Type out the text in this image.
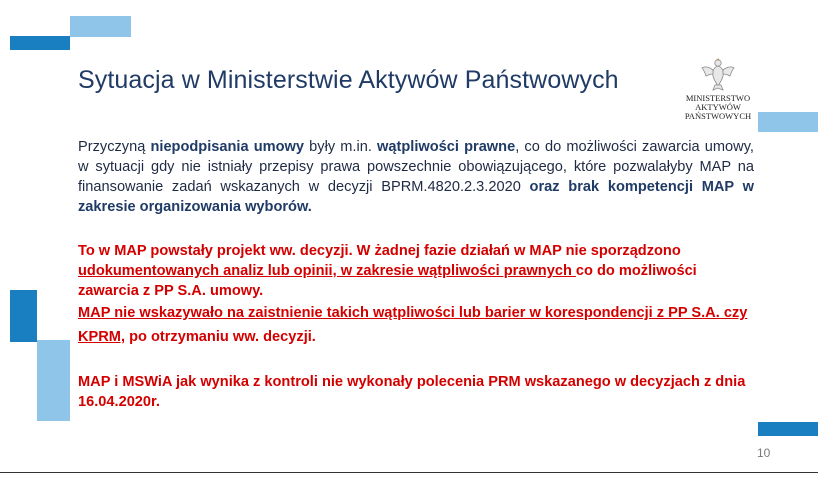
Sytuacja w Ministerstwie Aktywów Państwowych
MINISTERSTWO
AKTYWÓW
PAŃSTWOWYCH
Przyczyną niepodpisania umowy były m.in. wątpliwości prawne, co do możliwości zawarcia umowy, w sytuacji gdy nie istniały przepisy prawa powszechnie obowiązującego, które pozwalałyby MAP na finansowanie zadań wskazanych w decyzji BPRM.4820.2.3.2020 oraz brak kompetencji MAP w zakresie organizowania wyborów.
To w MAP powstały projekt ww. decyzji. W żadnej fazie działań w MAP nie sporządzono udokumentowanych analiz lub opinii, w zakresie wątpliwości prawnych co do możliwości zawarcia z PP S.A. umowy.
MAP nie wskazywało na zaistnienie takich wątpliwości lub barier w korespondencji z PP S.A. czy KPRM, po otrzymaniu ww. decyzji.
MAP i MSWiA jak wynika z kontroli nie wykonały polecenia PRM wskazanego w decyzjach z dnia 16.04.2020r.
10
